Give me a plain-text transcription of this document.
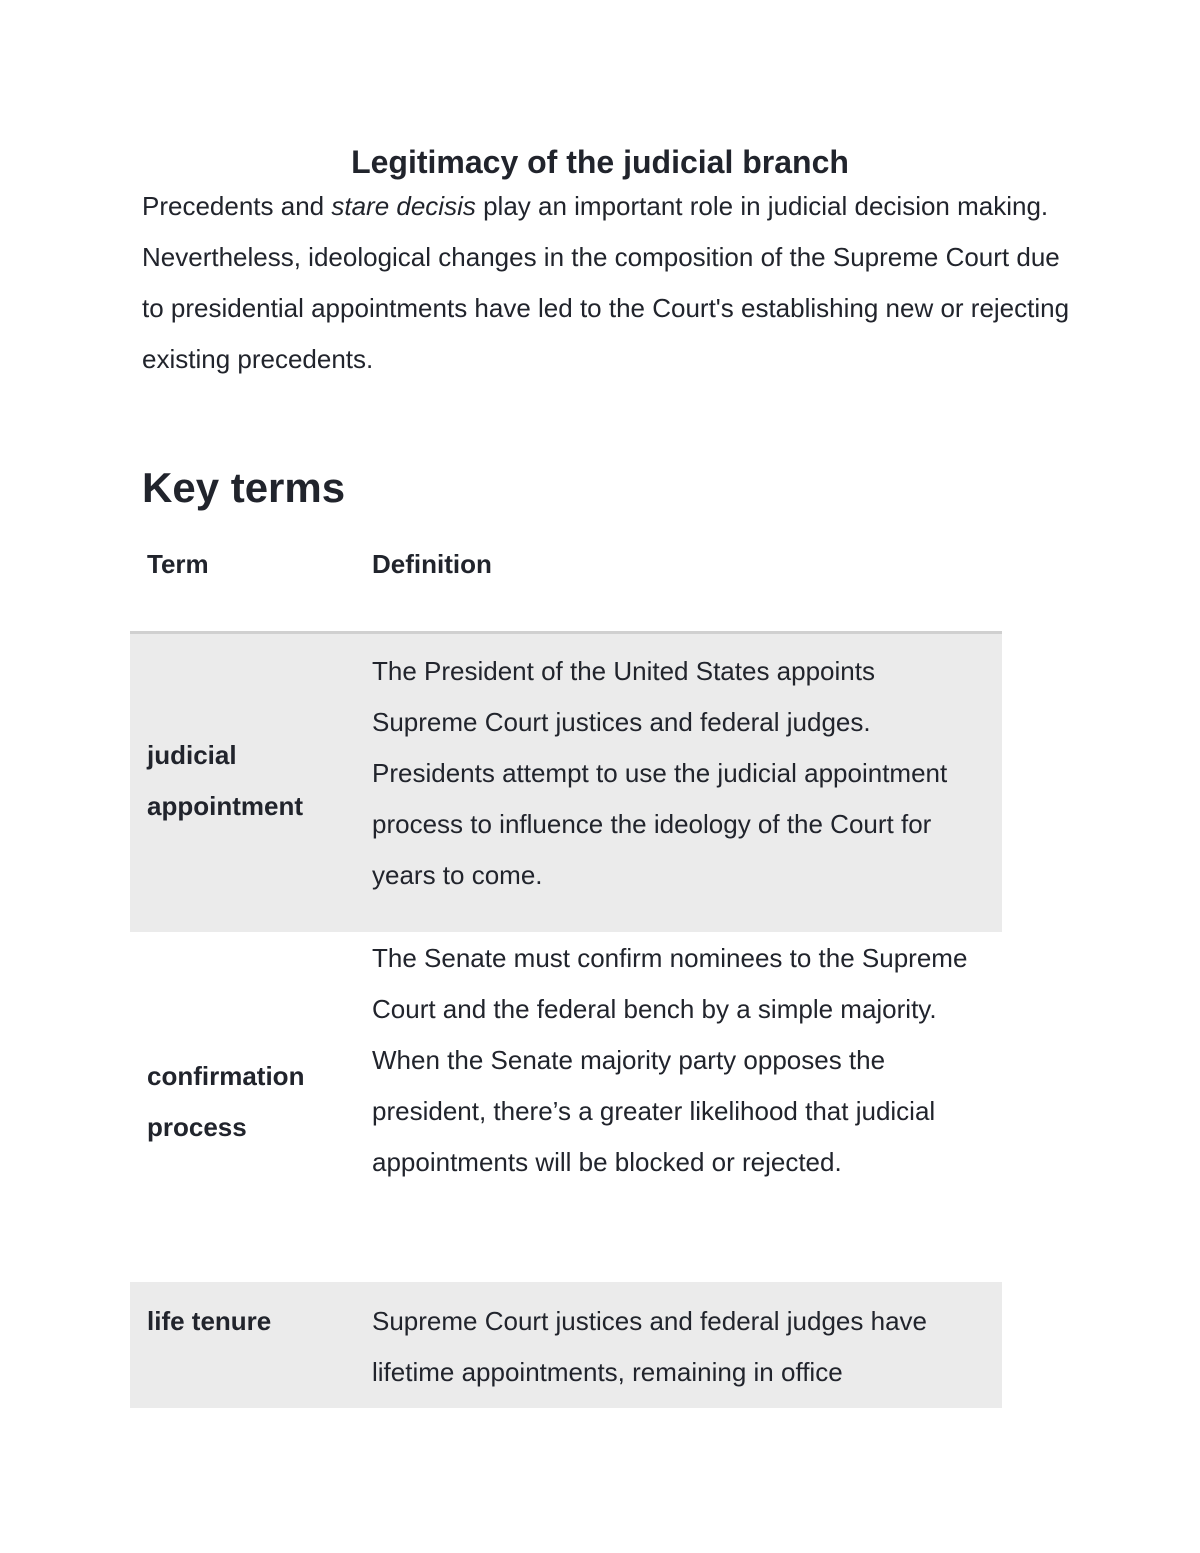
Legitimacy of the judicial branch

Precedents and stare decisis play an important role in judicial decision making. Nevertheless, ideological changes in the composition of the Supreme Court due to presidential appointments have led to the Court's establishing new or rejecting existing precedents.

Key terms
Term	Definition
judicial appointment	The President of the United States appoints Supreme Court justices and federal judges. Presidents attempt to use the judicial appointment process to influence the ideology of the Court for years to come.
confirmation process	The Senate must confirm nominees to the Supreme Court and the federal bench by a simple majority. When the Senate majority party opposes the president, there’s a greater likelihood that judicial appointments will be blocked or rejected.
life tenure	Supreme Court justices and federal judges have lifetime appointments, remaining in office
